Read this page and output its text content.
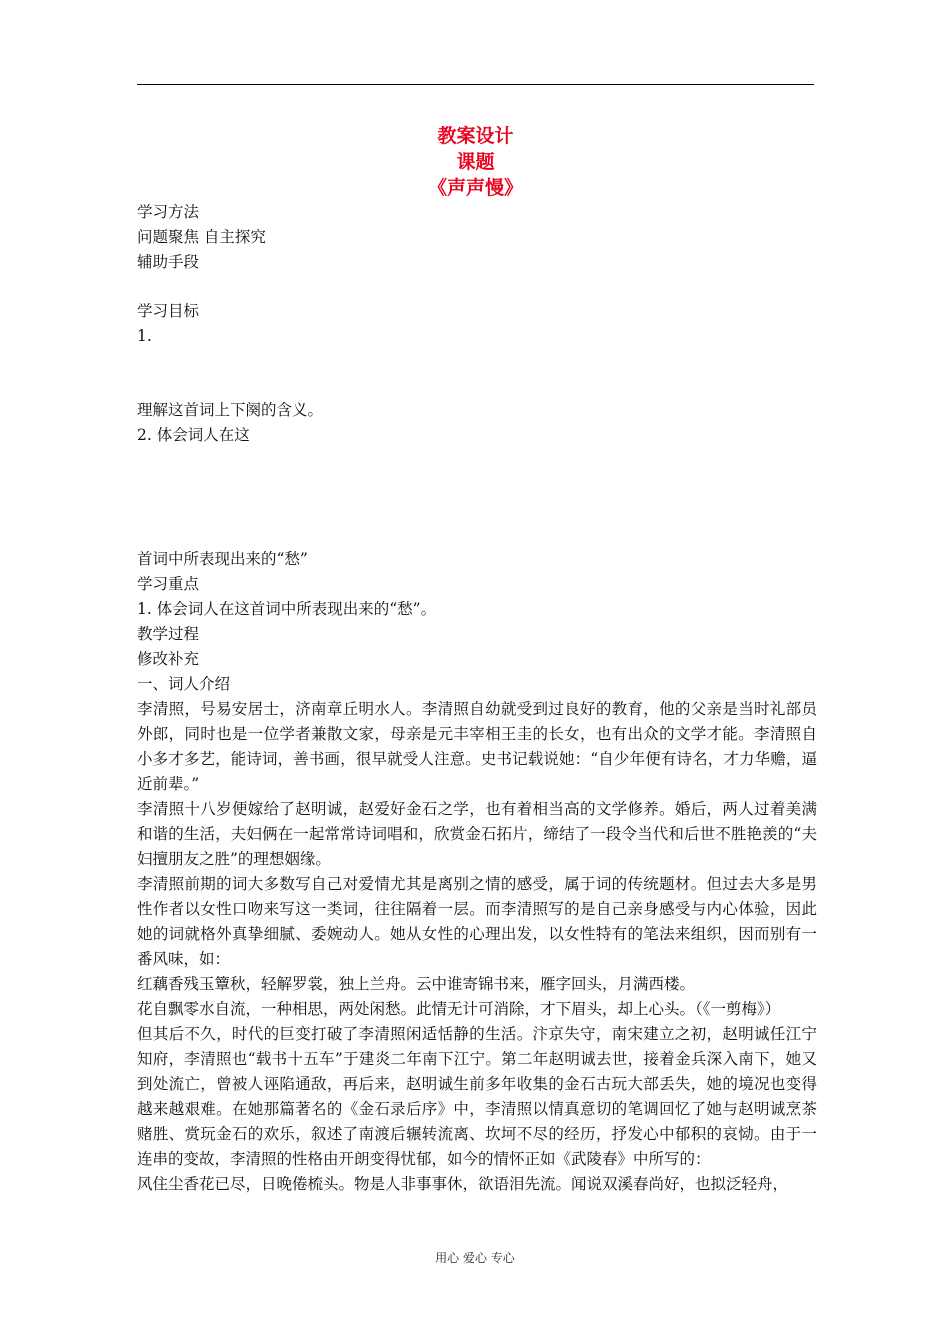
教案设计
课题
《声声慢》
学习方法
问题聚焦 自主探究
辅助手段
学习目标
1.
理解这首词上下阕的含义。
2. 体会词人在这
首词中所表现出来的“愁”
学习重点
1. 体会词人在这首词中所表现出来的“愁”。
教学过程
修改补充
一、词人介绍

李清照，号易安居士，济南章丘明水人。李清照自幼就受到过良好的教育，他的父亲是当时礼部员外郎，同时也是一位学者兼散文家，母亲是元丰宰相王圭的长女，也有出众的文学才能。李清照自小多才多艺，能诗词，善书画，很早就受人注意。史书记载说她：“自少年便有诗名，才力华赡，逼近前辈。”

李清照十八岁便嫁给了赵明诚，赵爱好金石之学，也有着相当高的文学修养。婚后，两人过着美满和谐的生活，夫妇俩在一起常常诗词唱和，欣赏金石拓片，缔结了一段令当代和后世不胜艳羡的“夫妇擅朋友之胜”的理想姻缘。

李清照前期的词大多数写自己对爱情尤其是离别之情的感受，属于词的传统题材。但过去大多是男性作者以女性口吻来写这一类词，往往隔着一层。而李清照写的是自己亲身感受与内心体验，因此她的词就格外真挚细腻、委婉动人。她从女性的心理出发，以女性特有的笔法来组织，因而别有一番风味，如：

红藕香残玉簟秋，轻解罗裳，独上兰舟。云中谁寄锦书来，雁字回头，月满西楼。

花自飘零水自流，一种相思，两处闲愁。此情无计可消除，才下眉头，却上心头。（《一剪梅》）

但其后不久，时代的巨变打破了李清照闲适恬静的生活。汴京失守，南宋建立之初，赵明诚任江宁知府，李清照也“载书十五车”于建炎二年南下江宁。第二年赵明诚去世，接着金兵深入南下，她又到处流亡，曾被人诬陷通敌，再后来，赵明诚生前多年收集的金石古玩大部丢失，她的境况也变得越来越艰难。在她那篇著名的《金石录后序》中，李清照以情真意切的笔调回忆了她与赵明诚烹茶赌胜、赏玩金石的欢乐，叙述了南渡后辗转流离、坎坷不尽的经历，抒发心中郁积的哀恸。由于一连串的变故，李清照的性格由开朗变得忧郁，如今的情怀正如《武陵春》中所写的：

风住尘香花已尽，日晚倦梳头。物是人非事事休，欲语泪先流。闻说双溪春尚好，也拟泛轻舟，

用心 爱心 专心
